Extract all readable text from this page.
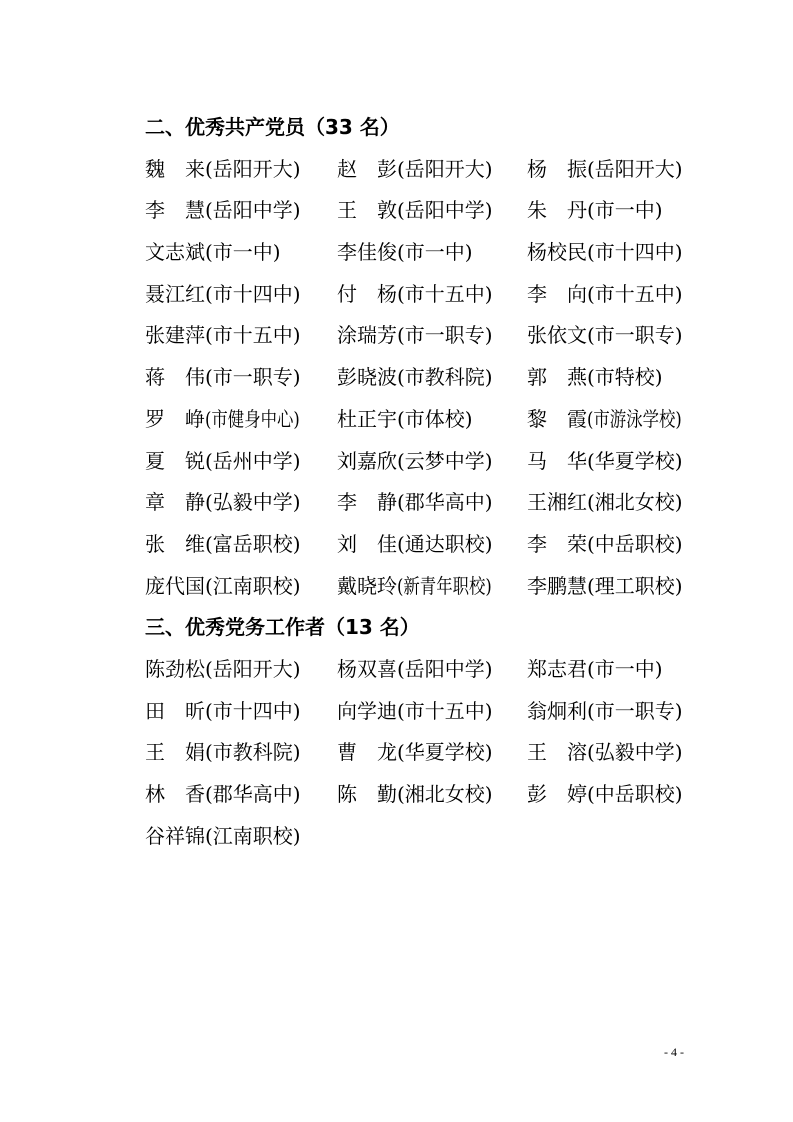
二、优秀共产党员（33 名）
魏　来(岳阳开大) 赵　彭(岳阳开大) 杨　振(岳阳开大)
李　慧(岳阳中学) 王　敦(岳阳中学) 朱　丹(市一中)
文志斌(市一中)	李佳俊(市一中)	杨校民(市十四中)
聂江红(市十四中) 付　杨(市十五中) 李　向(市十五中)
张建萍(市十五中) 涂瑞芳(市一职专) 张依文(市一职专)
蒋　伟(市一职专) 彭晓波(市教科院) 郭　燕(市特校)
罗　峥(市健身中心)	杜正宇(市体校)	黎　霞(市游泳学校)
夏　锐(岳州中学) 刘嘉欣(云梦中学) 马　华(华夏学校)
章　静(弘毅中学) 李　静(郡华高中) 王湘红(湘北女校)
张　维(富岳职校) 刘　佳(通达职校) 李　荣(中岳职校)
庞代国(江南职校) 戴晓玲(新青年职校)	李鹏慧(理工职校)
三、优秀党务工作者（13 名）
陈劲松(岳阳开大) 杨双喜(岳阳中学) 郑志君(市一中)
田　昕(市十四中) 向学迪(市十五中) 翁炯利(市一职专)
王　娟(市教科院) 曹　龙(华夏学校) 王　溶(弘毅中学)
林　香(郡华高中) 陈　勤(湘北女校) 彭　婷(中岳职校)
谷祥锦(江南职校)
- 4 -
